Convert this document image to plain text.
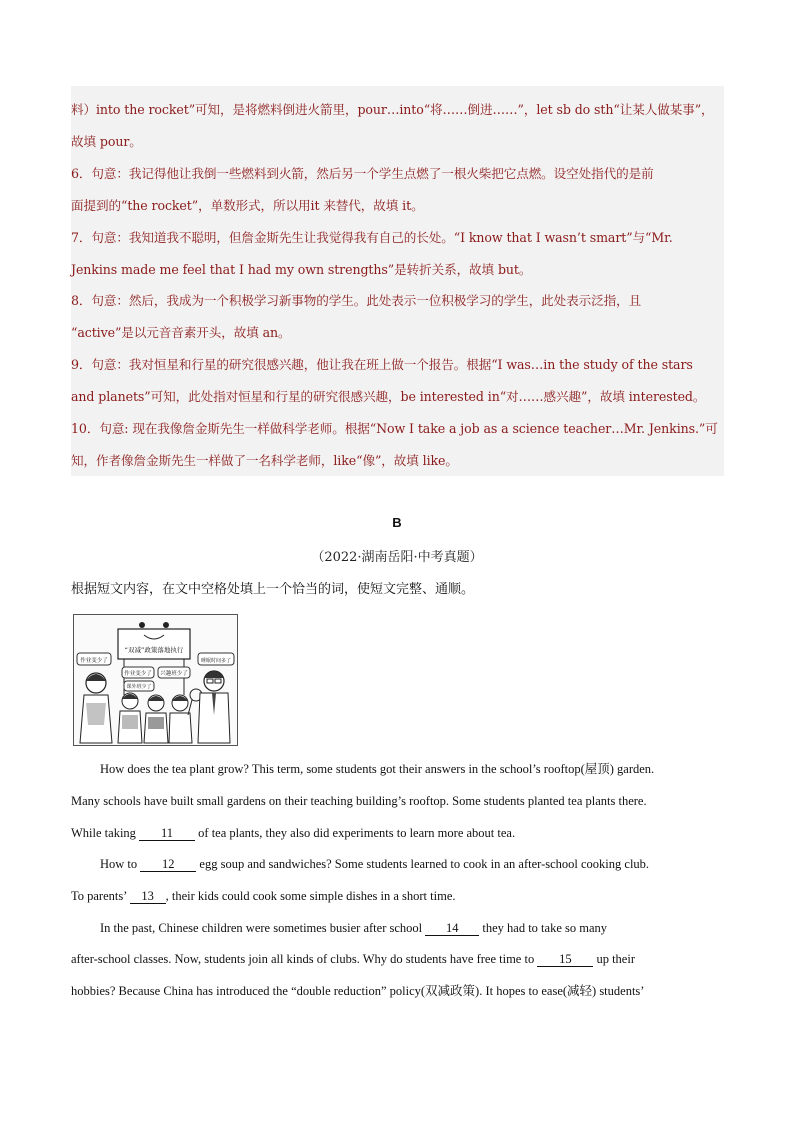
料）into the rocket”可知，是将燃料倒进火箭里，pour…into“将……倒进……”，let sb do sth“让某人做某事”，
故填 pour。
6．句意：我记得他让我倒一些燃料到火箭，然后另一个学生点燃了一根火柴把它点燃。设空处指代的是前
面提到的“the rocket”，单数形式，所以用it 来替代，故填 it。
7．句意：我知道我不聪明，但詹金斯先生让我觉得我有自己的长处。“I know that I wasn’t smart”与“Mr.
Jenkins made me feel that I had my own strengths”是转折关系，故填 but。
8．句意：然后，我成为一个积极学习新事物的学生。此处表示一位积极学习的学生，此处表示泛指，且
“active”是以元音音素开头，故填 an。
9．句意：我对恒星和行星的研究很感兴趣，他让我在班上做一个报告。根据“I was…in the study of the stars
and planets”可知，此处指对恒星和行星的研究很感兴趣，be interested in“对……感兴趣”，故填 interested。
10．句意: 现在我像詹金斯先生一样做科学老师。根据“Now I take a job as a science teacher…Mr. Jenkins.”可
知，作者像詹金斯先生一样做了一名科学老师，like“像”，故填 like。
B
（2022·湖南岳阳·中考真题）
根据短文内容，在文中空格处填上一个恰当的词，使短文完整、通顺。
“双减”政策落地执行
作业变少了
作业变少了 兴趣班少了
课外班少了
睡眠时间多了
How does the tea plant grow? This term, some students got their answers in the school’s rooftop(屋顶) garden.
Many schools have built small gardens on their teaching building’s rooftop. Some students planted tea plants there.
While taking 11 of tea plants, they also did experiments to learn more about tea.
How to 12 egg soup and sandwiches? Some students learned to cook in an after-school cooking club.
To parents’ 13 , their kids could cook some simple dishes in a short time.
In the past, Chinese children were sometimes busier after school 14 they had to take so many
after-school classes. Now, students join all kinds of clubs. Why do students have free time to 15 up their
hobbies? Because China has introduced the “double reduction” policy(双减政策). It hopes to ease(减轻) students’
